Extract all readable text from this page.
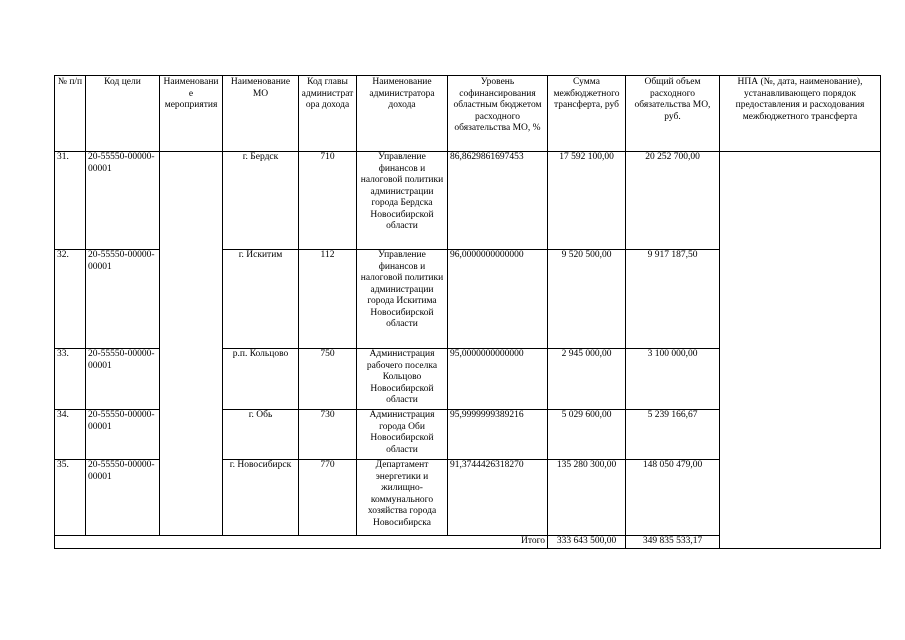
№ п/п	Код цели	Наименование мероприятия	Наименование МО	Код главы администратора дохода	Наименование администратора дохода	Уровень софинансирования областным бюджетом расходного обязательства МО, %	Сумма межбюджетного трансферта, руб	Общий объем расходного обязательства МО, руб.	НПА (№, дата, наименование), устанавливающего порядок предоставления и расходования межбюджетного трансферта
31.	20-55550-00000-00001		г. Бердск	710	Управление финансов и налоговой политики администрации города Бердска Новосибирской области	86,8629861697453	17 592 100,00	20 252 700,00	
32.	20-55550-00000-00001		г. Искитим	112	Управление финансов и налоговой политики администрации города Искитима Новосибирской области	96,0000000000000	9 520 500,00	9 917 187,50	
33.	20-55550-00000-00001		р.п. Кольцово	750	Администрация рабочего поселка Кольцово Новосибирской области	95,0000000000000	2 945 000,00	3 100 000,00	
34.	20-55550-00000-00001		г. Обь	730	Администрация города Оби Новосибирской области	95,9999999389216	5 029 600,00	5 239 166,67	
35.	20-55550-00000-00001		г. Новосибирск	770	Департамент энергетики и жилищно-коммунального хозяйства города Новосибирска	91,3744426318270	135 280 300,00	148 050 479,00	
Итого							333 643 500,00	349 835 533,17	
